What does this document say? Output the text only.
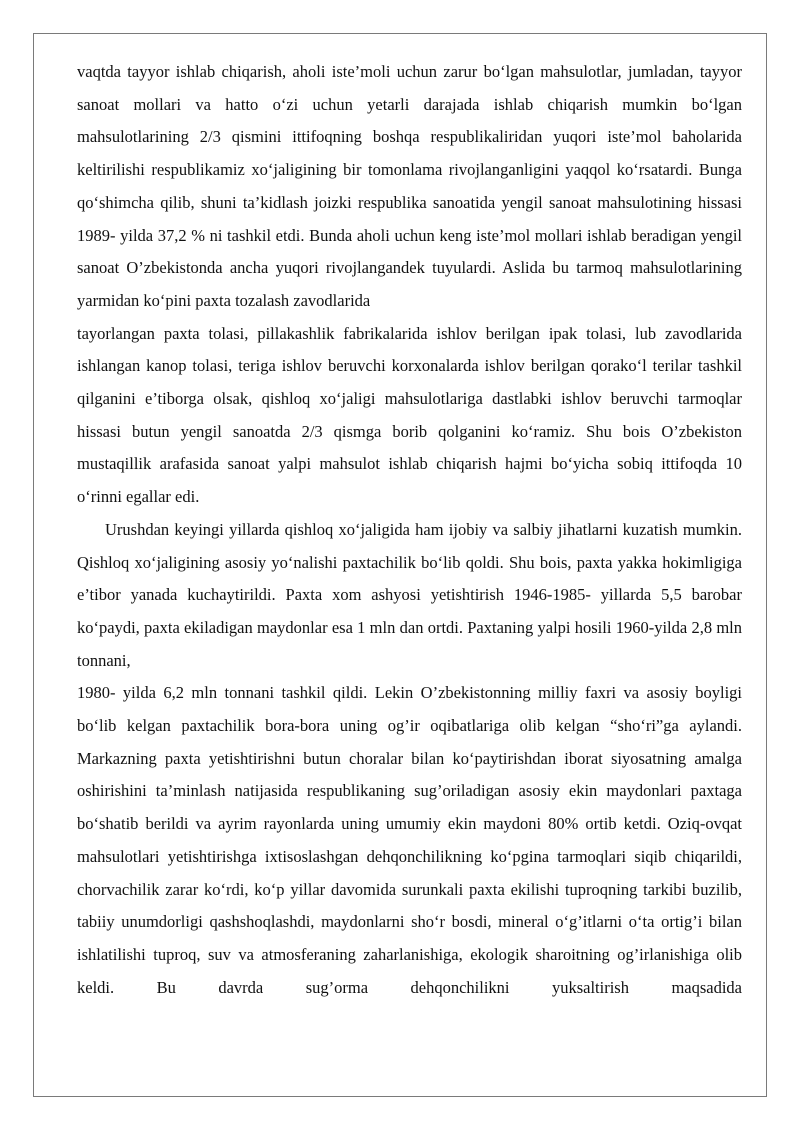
vaqtda tayyor ishlab chiqarish, aholi iste’moli uchun zarur bo‘lgan mahsulotlar, jumladan, tayyor sanoat mollari va hatto o‘zi uchun yetarli darajada ishlab chiqarish mumkin bo‘lgan mahsulotlarining 2/3 qismini ittifoqning boshqa respublikaliridan yuqori iste’mol baholarida keltirilishi respublikamiz xo‘jaligining bir tomonlama rivojlanganligini yaqqol ko‘rsatardi. Bunga qo‘shimcha qilib, shuni ta’kidlash joizki respublika sanoatida yengil sanoat mahsulotining hissasi 1989- yilda 37,2 % ni tashkil etdi. Bunda aholi uchun keng iste’mol mollari ishlab beradigan yengil sanoat O’zbekistonda ancha yuqori rivojlangandek tuyulardi. Aslida bu tarmoq mahsulotlarining yarmidan ko‘pini paxta tozalash zavodlarida

tayorlangan paxta tolasi, pillakashlik fabrikalarida ishlov berilgan ipak tolasi, lub zavodlarida ishlangan kanop tolasi, teriga ishlov beruvchi korxonalarda ishlov berilgan qorako‘l terilar tashkil qilganini e’tiborga olsak, qishloq xo‘jaligi mahsulotlariga dastlabki ishlov beruvchi tarmoqlar hissasi butun yengil sanoatda 2/3 qismga borib qolganini ko‘ramiz. Shu bois O’zbekiston mustaqillik arafasida sanoat yalpi mahsulot ishlab chiqarish hajmi bo‘yicha sobiq ittifoqda 10 o‘rinni egallar edi.

Urushdan keyingi yillarda qishloq xo‘jaligida ham ijobiy va salbiy jihatlarni kuzatish mumkin. Qishloq xo‘jaligining asosiy yo‘nalishi paxtachilik bo‘lib qoldi. Shu bois, paxta yakka hokimligiga e’tibor yanada kuchaytirildi. Paxta xom ashyosi yetishtirish 1946-1985- yillarda 5,5 barobar ko‘paydi, paxta ekiladigan maydonlar esa 1 mln dan ortdi. Paxtaning yalpi hosili 1960-yilda 2,8 mln tonnani,

1980- yilda 6,2 mln tonnani tashkil qildi. Lekin O’zbekistonning milliy faxri va asosiy boyligi bo‘lib kelgan paxtachilik bora-bora uning og’ir oqibatlariga olib kelgan “sho‘ri”ga aylandi. Markazning paxta yetishtirishni butun choralar bilan ko‘paytirishdan iborat siyosatning amalga oshirishini ta’minlash natijasida respublikaning sug’oriladigan asosiy ekin maydonlari paxtaga bo‘shatib berildi va ayrim rayonlarda uning umumiy ekin maydoni 80% ortib ketdi. Oziq-ovqat mahsulotlari yetishtirishga ixtisoslashgan dehqonchilikning ko‘pgina tarmoqlari siqib chiqarildi, chorvachilik zarar ko‘rdi, ko‘p yillar davomida surunkali paxta ekilishi tuproqning tarkibi buzilib, tabiiy unumdorligi qashshoqlashdi, maydonlarni sho‘r bosdi, mineral o‘g’itlarni o‘ta ortig’i bilan ishlatilishi tuproq, suv va atmosferaning zaharlanishiga, ekologik sharoitning og’irlanishiga olib keldi. Bu davrda sug’orma dehqonchilikni yuksaltirish maqsadida
